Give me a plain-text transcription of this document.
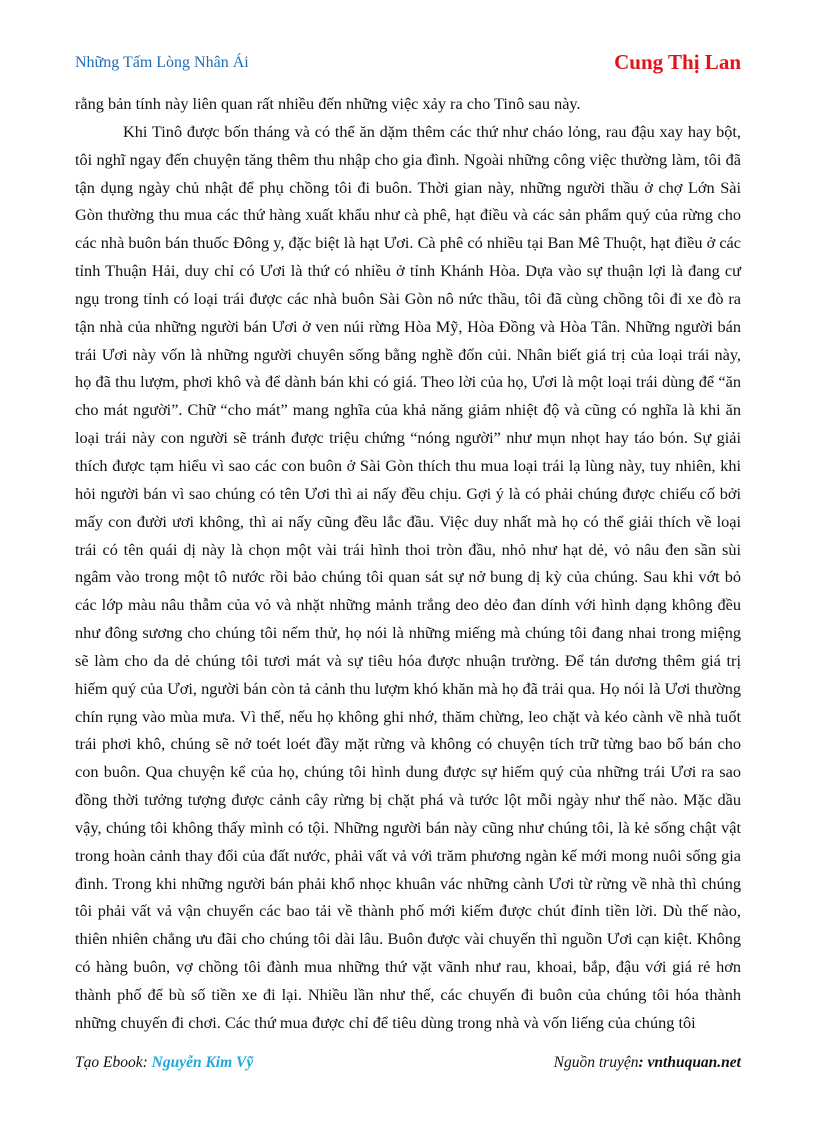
Những Tấm Lòng Nhân Ái	Cung Thị Lan

rằng bản tính này liên quan rất nhiều đến những việc xảy ra cho Tinô sau này.

Khi Tinô được bốn tháng và có thể ăn dặm thêm các thứ như cháo lỏng, rau đậu xay hay bột, tôi nghĩ ngay đến chuyện tăng thêm thu nhập cho gia đình. Ngoài những công việc thường làm, tôi đã tận dụng ngày chủ nhật để phụ chồng tôi đi buôn. Thời gian này, những người thầu ở chợ Lớn Sài Gòn thường thu mua các thứ hàng xuất khẩu như cà phê, hạt điều và các sản phẩm quý của rừng cho các nhà buôn bán thuốc Đông y, đặc biệt là hạt Ươi. Cà phê có nhiều tại Ban Mê Thuột, hạt điều ở các tỉnh Thuận Hải, duy chỉ có Ươi là thứ có nhiều ở tỉnh Khánh Hòa. Dựa vào sự thuận lợi là đang cư ngụ trong tỉnh có loại trái được các nhà buôn Sài Gòn nô nức thầu, tôi đã cùng chồng tôi đi xe đò ra tận nhà của những người bán Ươi ở ven núi rừng Hòa Mỹ, Hòa Đồng và Hòa Tân. Những người bán trái Ươi này vốn là những người chuyên sống bằng nghề đốn củi. Nhân biết giá trị của loại trái này, họ đã thu lượm, phơi khô và để dành bán khi có giá. Theo lời của họ, Ươi là một loại trái dùng để “ăn cho mát người”. Chữ “cho mát” mang nghĩa của khả năng giảm nhiệt độ và cũng có nghĩa là khi ăn loại trái này con người sẽ tránh được triệu chứng “nóng người” như mụn nhọt hay táo bón. Sự giải thích được tạm hiểu vì sao các con buôn ở Sài Gòn thích thu mua loại trái lạ lùng này, tuy nhiên, khi hỏi người bán vì sao chúng có tên Ươi thì ai nấy đều chịu. Gợi ý là có phải chúng được chiếu cố bởi mấy con đười ươi không, thì ai nấy cũng đều lắc đầu. Việc duy nhất mà họ có thể giải thích về loại trái có tên quái dị này là chọn một vài trái hình thoi tròn đầu, nhỏ như hạt dẻ, vỏ nâu đen sần sùi ngâm vào trong một tô nước rồi bảo chúng tôi quan sát sự nở bung dị kỳ của chúng. Sau khi vớt bỏ các lớp màu nâu thẫm của vỏ và nhặt những mảnh trắng deo dẻo đan dính với hình dạng không đều như đông sương cho chúng tôi nếm thử, họ nói là những miếng mà chúng tôi đang nhai trong miệng sẽ làm cho da dẻ chúng tôi tươi mát và sự tiêu hóa được nhuận trường. Để tán dương thêm giá trị hiếm quý của Ươi, người bán còn tả cảnh thu lượm khó khăn mà họ đã trải qua. Họ nói là Ươi thường chín rụng vào mùa mưa. Vì thế, nếu họ không ghi nhớ, thăm chừng, leo chặt và kéo cành về nhà tuốt trái phơi khô, chúng sẽ nở toét loét đầy mặt rừng và không có chuyện tích trữ từng bao bố bán cho con buôn. Qua chuyện kể của họ, chúng tôi hình dung được sự hiếm quý của những trái Ươi ra sao đồng thời tưởng tượng được cảnh cây rừng bị chặt phá và tước lột mỗi ngày như thế nào. Mặc dầu vậy, chúng tôi không thấy mình có tội. Những người bán này cũng như chúng tôi, là kẻ sống chật vật trong hoàn cảnh thay đổi của đất nước, phải vất vả với trăm phương ngàn kế mới mong nuôi sống gia đình. Trong khi những người bán phải khổ nhọc khuân vác những cành Ươi từ rừng về nhà thì chúng tôi phải vất vả vận chuyển các bao tải về thành phố mới kiếm được chút đỉnh tiền lời. Dù thế nào, thiên nhiên chẳng ưu đãi cho chúng tôi dài lâu. Buôn được vài chuyến thì nguồn Ươi cạn kiệt. Không có hàng buôn, vợ chồng tôi đành mua những thứ vặt vãnh như rau, khoai, bắp, đậu với giá rẻ hơn thành phố để bù số tiền xe đi lại. Nhiều lần như thế, các chuyến đi buôn của chúng tôi hóa thành những chuyến đi chơi. Các thứ mua được chỉ để tiêu dùng trong nhà và vốn liếng của chúng tôi

Tạo Ebook: Nguyễn Kim Vỹ	Nguồn truyện: vnthuquan.net
